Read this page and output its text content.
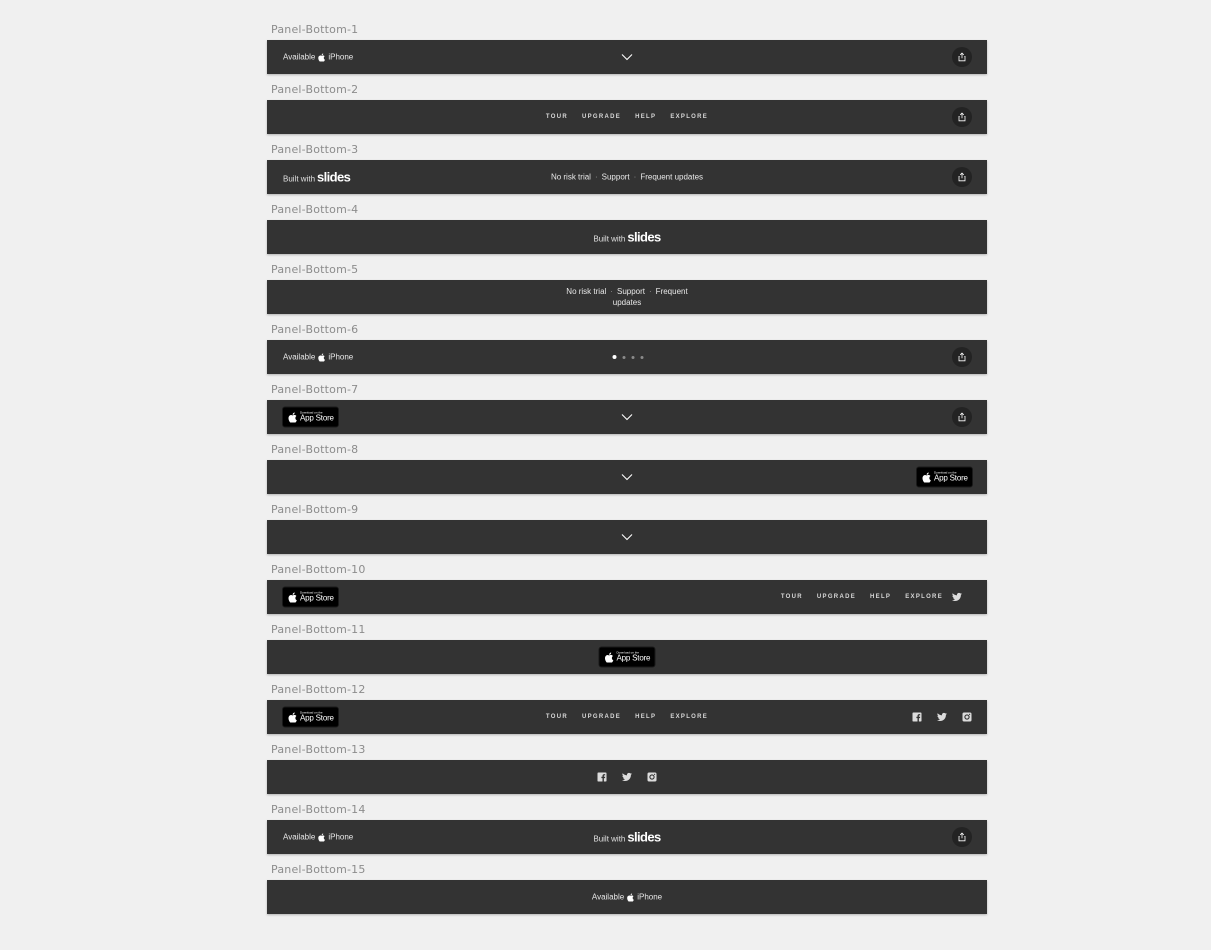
Panel-Bottom-1
Available iPhone
Panel-Bottom-2
TOUR UPGRADE HELP EXPLORE
Panel-Bottom-3
Built with slides	No risk trial · Support · Frequent updates
Panel-Bottom-4
Built with slides
Panel-Bottom-5
No risk trial · Support · Frequent
updates
Panel-Bottom-6
Available iPhone
Panel-Bottom-7
Download on the
App Store
Panel-Bottom-8
Download on the
App Store
Panel-Bottom-9
Panel-Bottom-10
Download on the
App Store	TOUR UPGRADE HELP EXPLORE
Panel-Bottom-11
Download on the
App Store
Panel-Bottom-12
Download on the
App Store	TOUR UPGRADE HELP EXPLORE
Panel-Bottom-13
Panel-Bottom-14
Available iPhone	Built with slides
Panel-Bottom-15
Available iPhone
